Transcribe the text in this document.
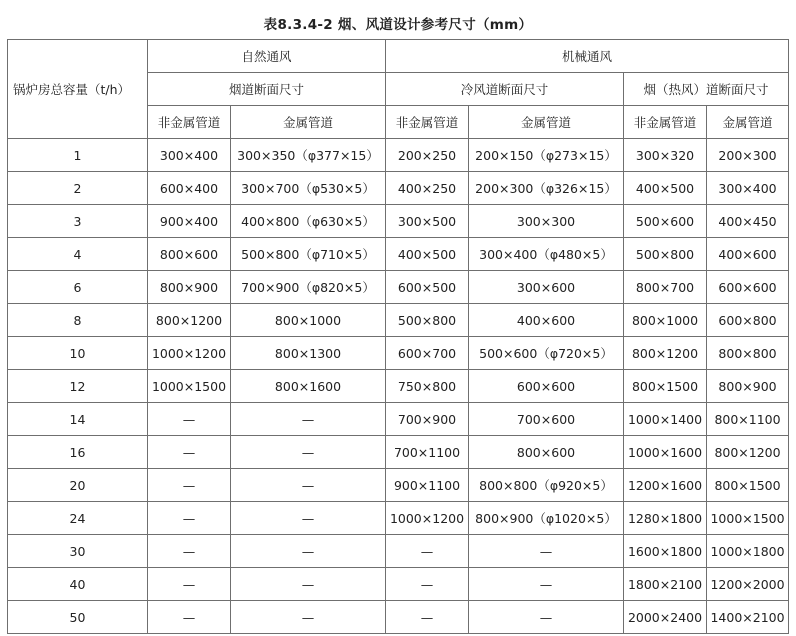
表8.3.4-2 烟、风道设计参考尺寸（mm）
锅炉房总容量（t/h）	自然通风		机械通风			
	烟道断面尺寸		冷风道断面尺寸		烟（热风）道断面尺寸	
	非金属管道	金属管道	非金属管道	金属管道	非金属管道	金属管道
1	300×400	300×350（φ377×15）	200×250	200×150（φ273×15）	300×320	200×300
2	600×400	300×700（φ530×5）	400×250	200×300（φ326×15）	400×500	300×400
3	900×400	400×800（φ630×5）	300×500	300×300	500×600	400×450
4	800×600	500×800（φ710×5）	400×500	300×400（φ480×5）	500×800	400×600
6	800×900	700×900（φ820×5）	600×500	300×600	800×700	600×600
8	800×1200	800×1000	500×800	400×600	800×1000	600×800
10	1000×1200	800×1300	600×700	500×600（φ720×5）	800×1200	800×800
12	1000×1500	800×1600	750×800	600×600	800×1500	800×900
14	—	—	700×900	700×600	1000×1400	800×1100
16	—	—	700×1100	800×600	1000×1600	800×1200
20	—	—	900×1100	800×800（φ920×5）	1200×1600	800×1500
24	—	—	1000×1200	800×900（φ1020×5）	1280×1800	1000×1500
30	—	—	—	—	1600×1800	1000×1800
40	—	—	—	—	1800×2100	1200×2000
50	—	—	—	—	2000×2400	1400×2100
